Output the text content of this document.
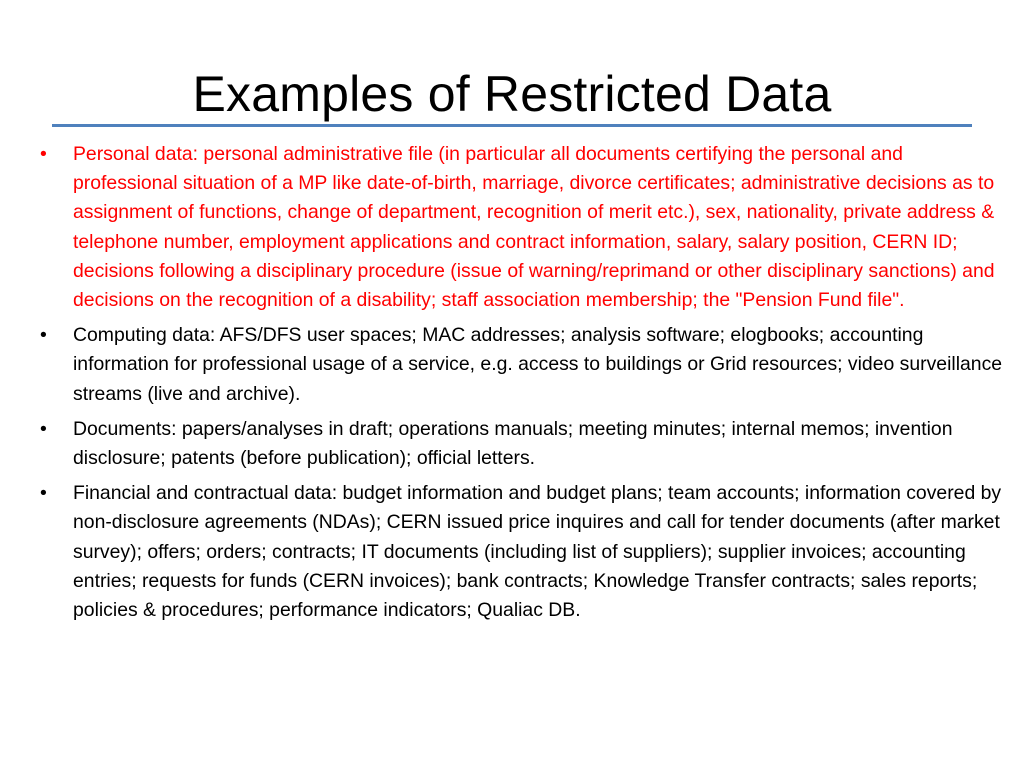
Examples of Restricted Data
•	Personal data: personal administrative file (in particular all documents certifying the personal and professional situation of a MP like date-of-birth, marriage, divorce certificates; administrative decisions as to assignment of functions, change of department, recognition of merit etc.), sex, nationality, private address & telephone number, employment applications and contract information, salary, salary position, CERN ID; decisions following a disciplinary procedure (issue of warning/reprimand or other disciplinary sanctions) and decisions on the recognition of a disability; staff association membership; the "Pension Fund file".
•	Computing data: AFS/DFS user spaces; MAC addresses; analysis software; elogbooks; accounting information for professional usage of a service, e.g. access to buildings or Grid resources; video surveillance streams (live and archive).
•	Documents: papers/analyses in draft; operations manuals; meeting minutes; internal memos; invention disclosure; patents (before publication); official letters.
•	Financial and contractual data: budget information and budget plans; team accounts; information covered by non-disclosure agreements (NDAs); CERN issued price inquires and call for tender documents (after market survey); offers; orders; contracts; IT documents (including list of suppliers); supplier invoices; accounting entries; requests for funds (CERN invoices); bank contracts; Knowledge Transfer contracts; sales reports; policies & procedures; performance indicators; Qualiac DB.
